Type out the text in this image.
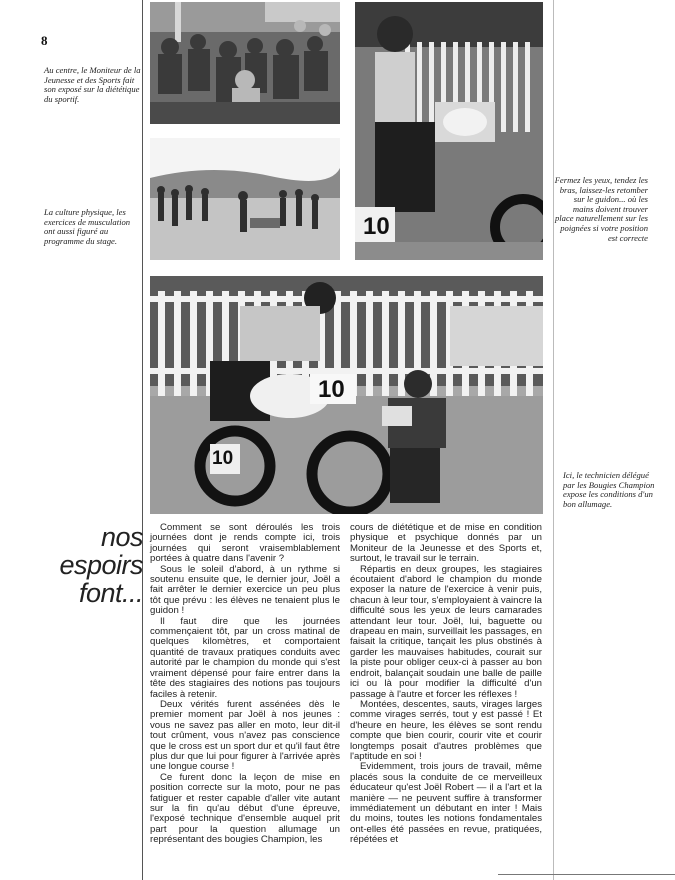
8
Au centre, le Moniteur de la Jeunesse et des Sports fait son exposé sur la diététique du sportif.
La culture physique, les exercices de musculation ont aussi figuré au programme du stage.
Fermez les yeux, tendez les bras, laissez-les retomber sur le guidon... où les mains doivent trouver place naturellement sur les poignées si votre position est correcte
Ici, le technicien délégué par les Bougies Champion expose les conditions d'un bon allumage.
10
10
10
nos
espoirs
font...

Comment se sont déroulés les trois journées dont je rends compte ici, trois journées qui seront vraisemblablement portées à quatre dans l'avenir ?

Sous le soleil d'abord, à un rythme si soutenu ensuite que, le dernier jour, Joël a fait arrêter le dernier exercice un peu plus tôt que prévu : les élèves ne tenaient plus le guidon !

Il faut dire que les journées commençaient tôt, par un cross matinal de quelques kilomètres, et comportaient quantité de travaux pratiques conduits avec autorité par le champion du monde qui s'est vraiment dépensé pour faire entrer dans la tête des stagiaires des notions pas toujours faciles à retenir.

Deux vérités furent assénées dès le premier moment par Joël à nos jeunes : vous ne savez pas aller en moto, leur dit-il tout crûment, vous n'avez pas conscience que le cross est un sport dur et qu'il faut être plus dur que lui pour figurer à l'arrivée après une longue course !

Ce furent donc la leçon de mise en position correcte sur la moto, pour ne pas fatiguer et rester capable d'aller vite autant sur la fin qu'au début d'une épreuve, l'exposé technique d'ensemble auquel prit part pour la question allumage un représentant des bougies Champion, les

cours de diététique et de mise en condition physique et psychique donnés par un Moniteur de la Jeunesse et des Sports et, surtout, le travail sur le terrain.

Répartis en deux groupes, les stagiaires écoutaient d'abord le champion du monde exposer la nature de l'exercice à venir puis, chacun à leur tour, s'employaient à vaincre la difficulté sous les yeux de leurs camarades attendant leur tour. Joël, lui, baguette ou drapeau en main, surveillait les passages, en faisait la critique, tançait les plus obstinés à garder les mauvaises habitudes, courait sur la piste pour obliger ceux-ci à passer au bon endroit, balançait soudain une balle de paille ici ou là pour modifier la difficulté d'un passage à l'autre et forcer les réflexes !

Montées, descentes, sauts, virages larges comme virages serrés, tout y est passé ! Et d'heure en heure, les élèves se sont rendu compte que bien courir, courir vite et courir longtemps posait d'autres problèmes que l'aptitude en soi !

Evidemment, trois jours de travail, même placés sous la conduite de ce merveilleux éducateur qu'est Joël Robert — il a l'art et la manière — ne peuvent suffire à transformer immédiatement un débutant en inter ! Mais du moins, toutes les notions fondamentales ont-elles été passées en revue, pratiquées, répétées et
